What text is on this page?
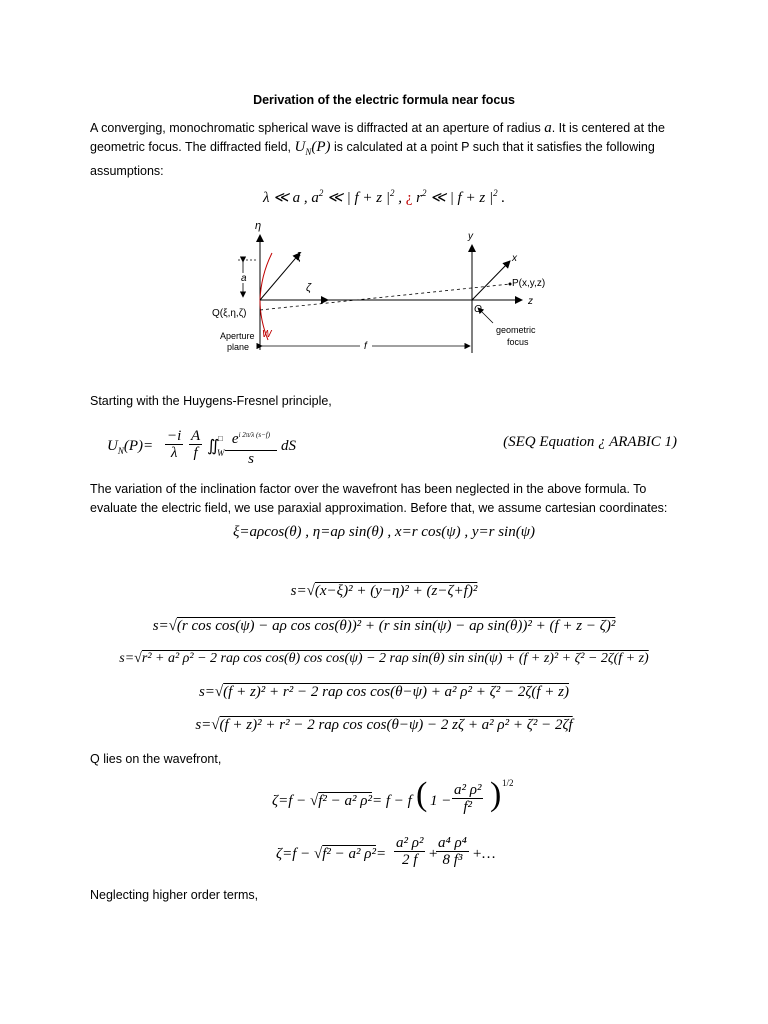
Derivation of the electric formula near focus
A converging, monochromatic spherical wave is diffracted at an aperture of radius a. It is centered at the geometric focus. The diffracted field, $U_N(P)$ is calculated at a point P such that it satisfies the following assumptions:
λ ≪ a , $a^2$ ≪ | f + z $|^2$ , ¿ $r^2$ ≪ | f + z $|^2$ .
η
W
a
ξ
ζ
z
P(x,y,z)
Q(ξ,η,ζ)
y
x
O
geometric
focus
Aperture
plane	f
Starting with the Huygens-Fresnel principle,
$U_N(P)= \frac{-i}{\lambda} \frac{A}{f}$ ∬
□
W $\frac{e^{i 2\pi/\lambda (s-f)}}{s}$ dS	(SEQ Equation ¿ ARABIC 1)
The variation of the inclination factor over the wavefront has been neglected in the above formula. To evaluate the electric field, we use paraxial approximation. Before that, we assume cartesian coordinates:
ξ=aρcos(θ) , η=aρ sin(θ) , x=r cos(ψ) , y=r sin(ψ)
s=√(x−ξ)² + (y−η)² + (z−ζ+f)²
s=√(r cos cos(ψ) − aρ cos cos(θ))² + (r sin sin(ψ) − aρ sin(θ))² + (f + z − ζ)²
s=√r² + a² ρ² − 2 raρ cos cos(θ) cos cos(ψ) − 2 raρ sin(θ) sin sin(ψ) + (f + z)² + ζ² − 2ζ(f + z)
s=√(f + z)² + r² − 2 raρ cos cos(θ−ψ) + a² ρ² + ζ² − 2ζ(f + z)
s=√(f + z)² + r² − 2 raρ cos cos(θ−ψ) − 2 zζ + a² ρ² + ζ² − 2ζf
Q lies on the wavefront,
ζ=f − √f² − a² ρ²= f − f ( $1 - \frac{\text{a² ρ²}}{\text{f²}}$ ) 1/2
ζ=f − √f² − a² $\rho^2= \frac{\text{a² ρ²}}{2 f}$ +
$\frac{\text{a⁴ ρ⁴}}{\text{8 f³}}$ +…
Neglecting higher order terms,
